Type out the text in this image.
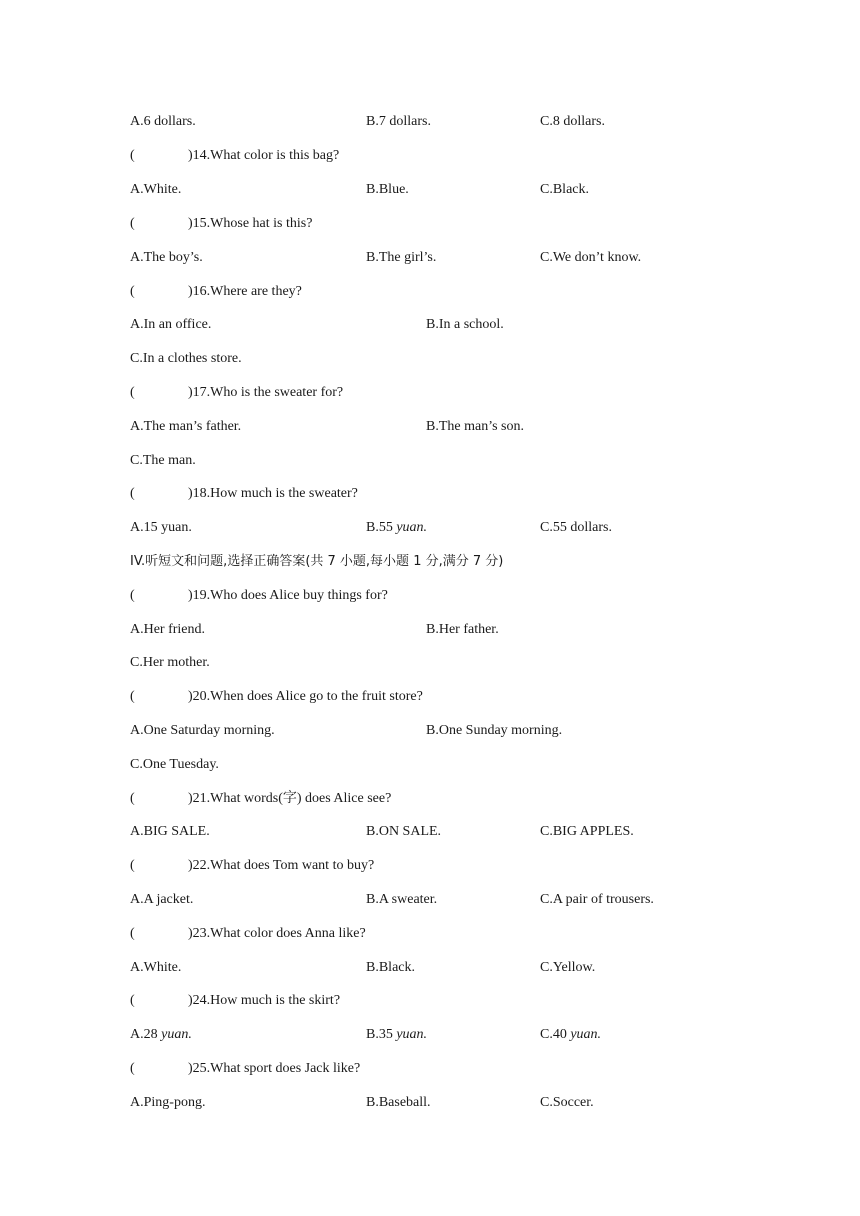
A.6 dollars.	B.7 dollars.	C.8 dollars.
(	)14.What color is this bag?
A.White.	B.Blue.	C.Black.
(	)15.Whose hat is this?
A.The boy’s.	B.The girl’s.	C.We don’t know.
(	)16.Where are they?
A.In an office.	B.In a school.
C.In a clothes store.
(	)17.Who is the sweater for?
A.The man’s father.	B.The man’s son.
C.The man.
(	)18.How much is the sweater?
A.15 yuan.	B.55 yuan.	C.55 dollars.
IV.听短文和问题,选择正确答案(共 7 小题,每小题 1 分,满分 7 分)
(	)19.Who does Alice buy things for?
A.Her friend.	B.Her father.
C.Her mother.
(	)20.When does Alice go to the fruit store?
A.One Saturday morning.	B.One Sunday morning.
C.One Tuesday.
(	)21.What words(字) does Alice see?
A.BIG SALE.	B.ON SALE.	C.BIG APPLES.
(	)22.What does Tom want to buy?
A.A jacket.	B.A sweater.	C.A pair of trousers.
(	)23.What color does Anna like?
A.White.	B.Black.	C.Yellow.
(	)24.How much is the skirt?
A.28 yuan.	B.35 yuan.	C.40 yuan.
(	)25.What sport does Jack like?
A.Ping-pong.	B.Baseball.	C.Soccer.
